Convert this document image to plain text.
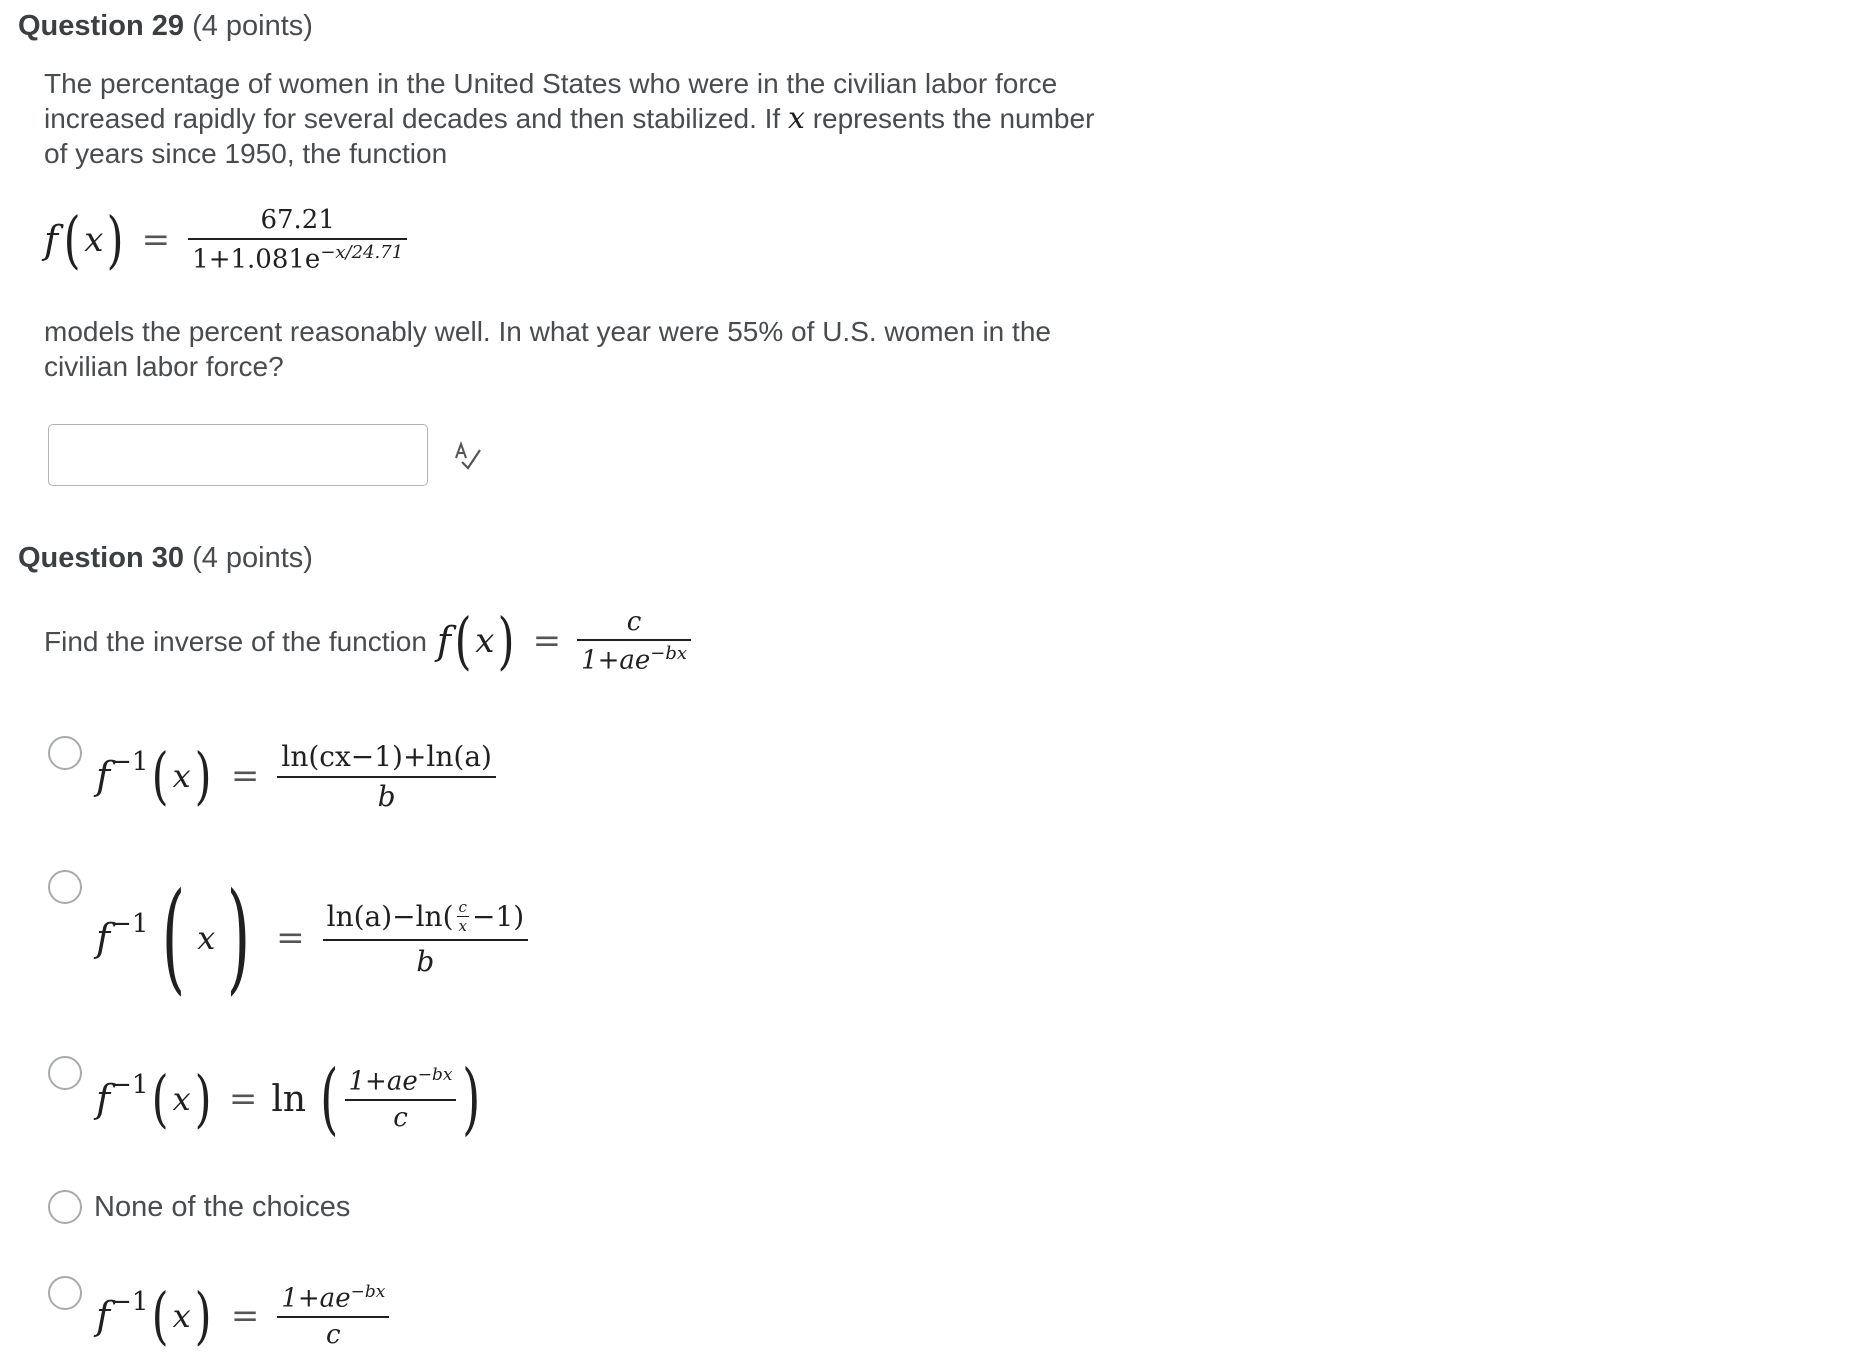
Question 29 (4 points)
The percentage of women in the United States who were in the civilian labor force
increased rapidly for several decades and then stabilized. If x represents the number
of years since 1950, the function
f ( x ) = $\frac{67.21}{1+1.081e^{-x/24.71}}$
models the percent reasonably well. In what year were 55% of U.S. women in the
civilian labor force?
Question 30 (4 points)
Find the inverse of the function f ( x ) = $\frac{c}{1+ae^{-bx}}$
$f^{-1}$ ( x ) = $\frac{\ln(cx-1)+\ln(a)}{b}$
$f^{-1}$ ( x ) = $\frac{\ln(a)-\ln( \frac{c}{x} -1)}{b}$
$f^{-1}$ ( x ) = ln ( $\frac{1+ae^{-bx}}{c}$ )
None of the choices
$f^{-1}$ ( x ) = $\frac{1+ae^{-bx}}{c}$
